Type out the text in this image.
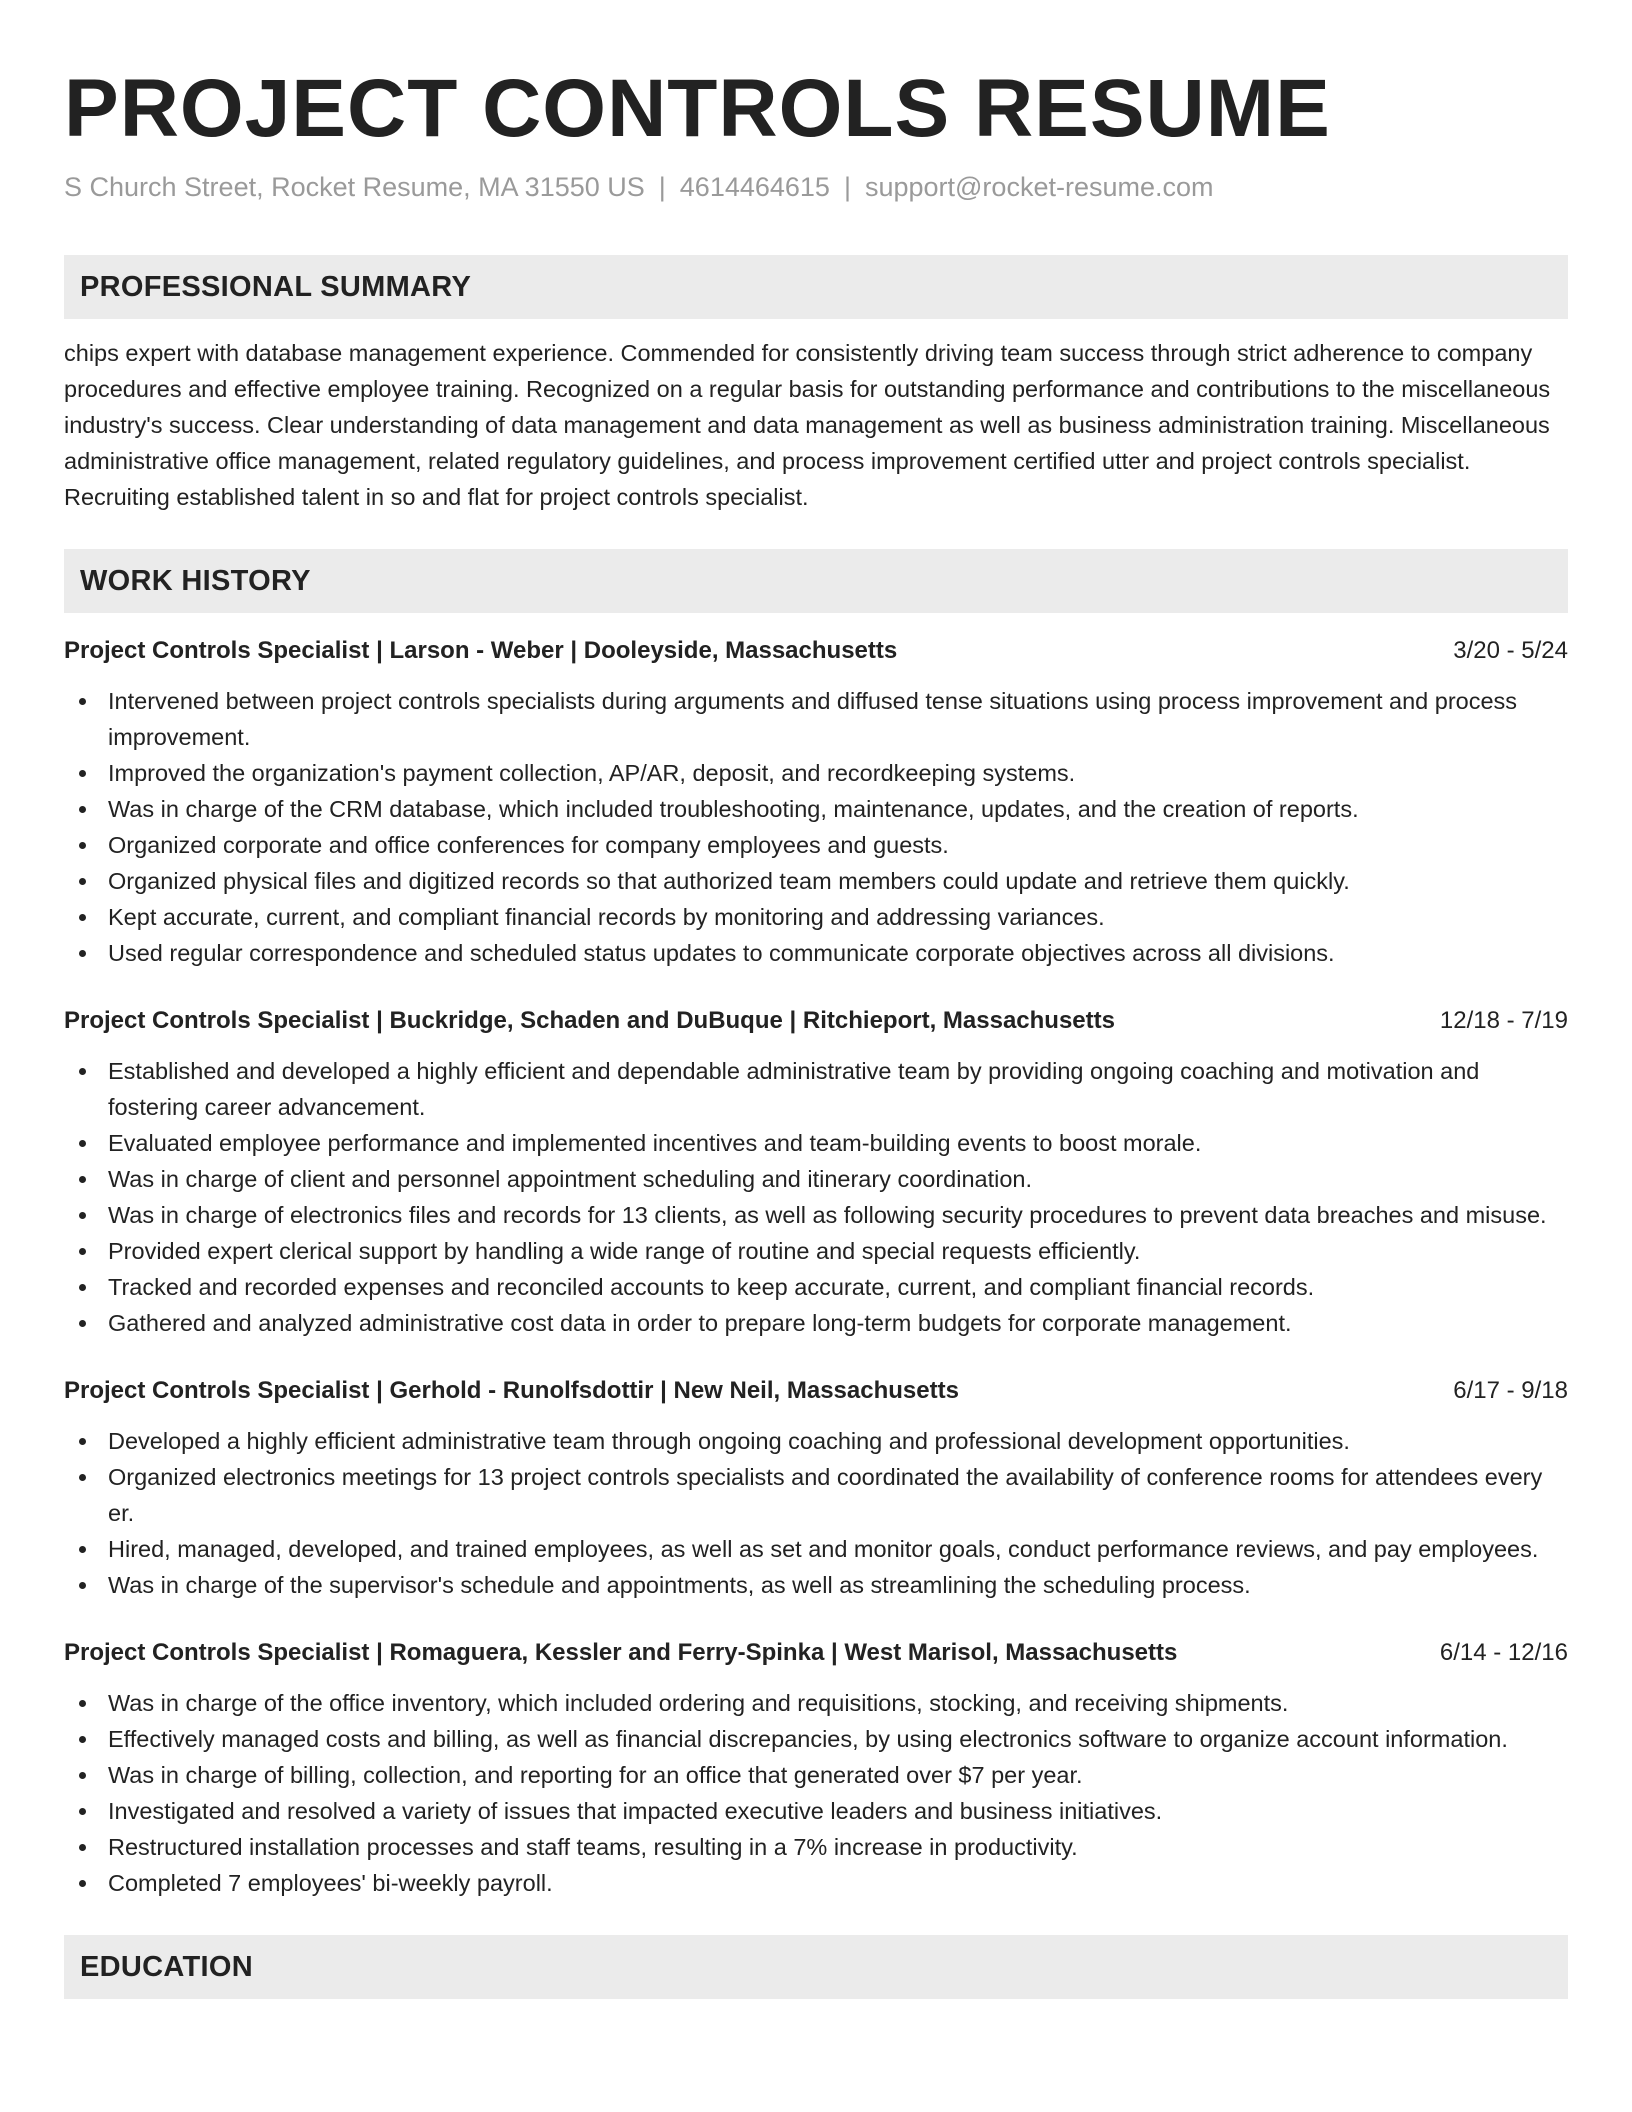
PROJECT CONTROLS RESUME
S Church Street, Rocket Resume, MA 31550 US | 4614464615 | support@rocket-resume.com
PROFESSIONAL SUMMARY

chips expert with database management experience. Commended for consistently driving team success through strict adherence to company procedures and effective employee training. Recognized on a regular basis for outstanding performance and contributions to the miscellaneous industry's success. Clear understanding of data management and data management as well as business administration training. Miscellaneous administrative office management, related regulatory guidelines, and process improvement certified utter and project controls specialist. Recruiting established talent in so and flat for project controls specialist.

WORK HISTORY
Project Controls Specialist | Larson - Weber | Dooleyside, Massachusetts	3/20 - 5/24
Intervened between project controls specialists during arguments and diffused tense situations using process improvement and process improvement.
Improved the organization's payment collection, AP/AR, deposit, and recordkeeping systems.
Was in charge of the CRM database, which included troubleshooting, maintenance, updates, and the creation of reports.
Organized corporate and office conferences for company employees and guests.
Organized physical files and digitized records so that authorized team members could update and retrieve them quickly.
Kept accurate, current, and compliant financial records by monitoring and addressing variances.
Used regular correspondence and scheduled status updates to communicate corporate objectives across all divisions.
Project Controls Specialist | Buckridge, Schaden and DuBuque | Ritchieport, Massachusetts	12/18 - 7/19
Established and developed a highly efficient and dependable administrative team by providing ongoing coaching and motivation and fostering career advancement.
Evaluated employee performance and implemented incentives and team-building events to boost morale.
Was in charge of client and personnel appointment scheduling and itinerary coordination.
Was in charge of electronics files and records for 13 clients, as well as following security procedures to prevent data breaches and misuse.
Provided expert clerical support by handling a wide range of routine and special requests efficiently.
Tracked and recorded expenses and reconciled accounts to keep accurate, current, and compliant financial records.
Gathered and analyzed administrative cost data in order to prepare long-term budgets for corporate management.
Project Controls Specialist | Gerhold - Runolfsdottir | New Neil, Massachusetts	6/17 - 9/18
Developed a highly efficient administrative team through ongoing coaching and professional development opportunities.
Organized electronics meetings for 13 project controls specialists and coordinated the availability of conference rooms for attendees every er.
Hired, managed, developed, and trained employees, as well as set and monitor goals, conduct performance reviews, and pay employees.
Was in charge of the supervisor's schedule and appointments, as well as streamlining the scheduling process.
Project Controls Specialist | Romaguera, Kessler and Ferry-Spinka | West Marisol, Massachusetts	6/14 - 12/16
Was in charge of the office inventory, which included ordering and requisitions, stocking, and receiving shipments.
Effectively managed costs and billing, as well as financial discrepancies, by using electronics software to organize account information.
Was in charge of billing, collection, and reporting for an office that generated over $7 per year.
Investigated and resolved a variety of issues that impacted executive leaders and business initiatives.
Restructured installation processes and staff teams, resulting in a 7% increase in productivity.
Completed 7 employees' bi-weekly payroll.
EDUCATION
